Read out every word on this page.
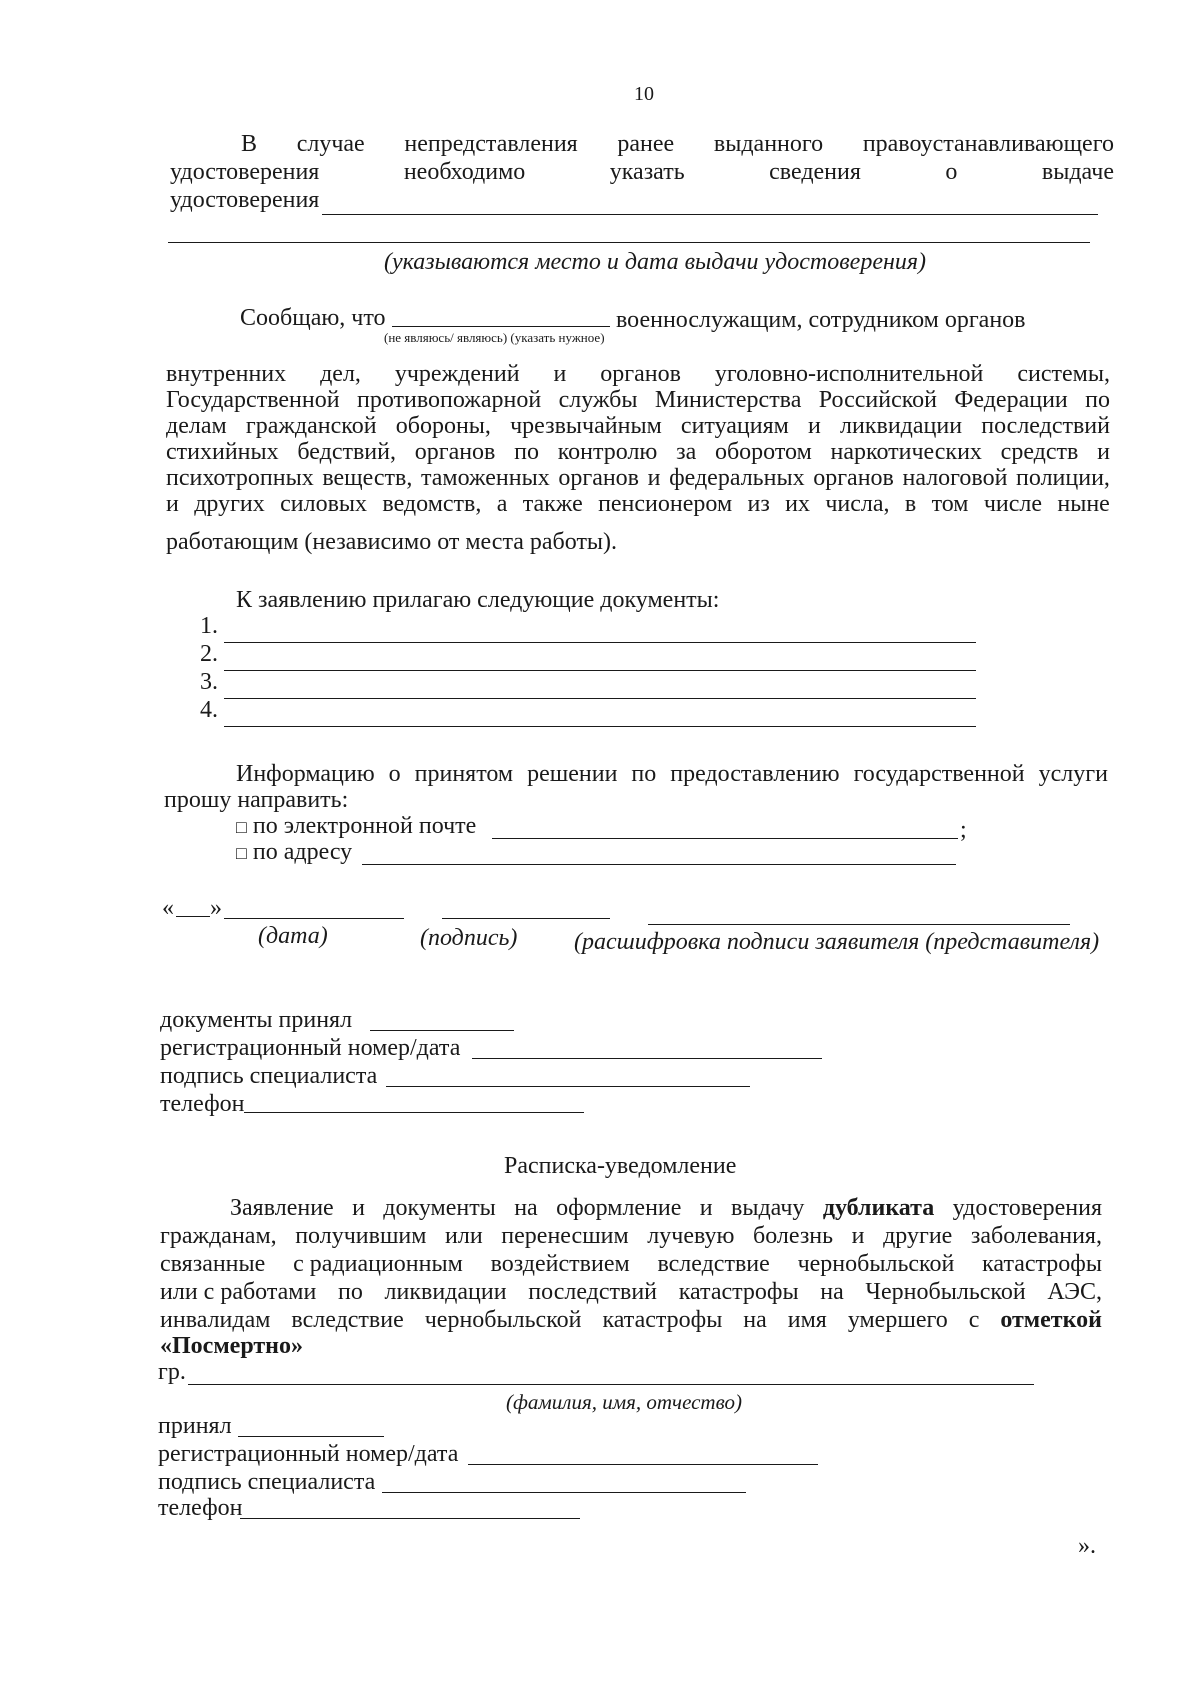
10
В случае непредставления ранее выданного правоустанавливающего
удостоверения	необходимо	указать	сведения	о	выдаче
удостоверения
(указываются место и дата выдачи удостоверения)
Сообщаю, что	военнослужащим, сотрудником органов
(не являюсь/ являюсь) (указать нужное)
внутренних дел, учреждений и органов уголовно-исполнительной системы,
Государственной противопожарной службы Министерства Российской Федерации по
делам гражданской обороны, чрезвычайным ситуациям и ликвидации последствий
стихийных бедствий, органов по контролю за оборотом наркотических средств и
психотропных веществ, таможенных органов и федеральных органов налоговой полиции,
и других силовых ведомств, а также пенсионером из их числа, в том числе ныне
работающим (независимо от места работы).
К заявлению прилагаю следующие документы:
1.
2.
3.
4.
Информацию о принятом решении по предоставлению государственной услуги
прошу направить:
□ по электронной почте	;
□ по адресу
« »
(дата)	(подпись) (расшифровка подписи заявителя (представителя)
документы принял
регистрационный номер/дата
подпись специалиста
телефон
Расписка-уведомление
Заявление и документы на оформление и выдачу дубликата удостоверения
гражданам, получившим или перенесшим лучевую болезнь и другие заболевания,
связанные с радиационным воздействием вследствие чернобыльской катастрофы
или с работами по ликвидации последствий катастрофы на Чернобыльской АЭС,
инвалидам вследствие чернобыльской катастрофы на имя умершего с отметкой
«Посмертно»
гр.
(фамилия, имя, отчество)
принял
регистрационный номер/дата
подпись специалиста
телефон
».
